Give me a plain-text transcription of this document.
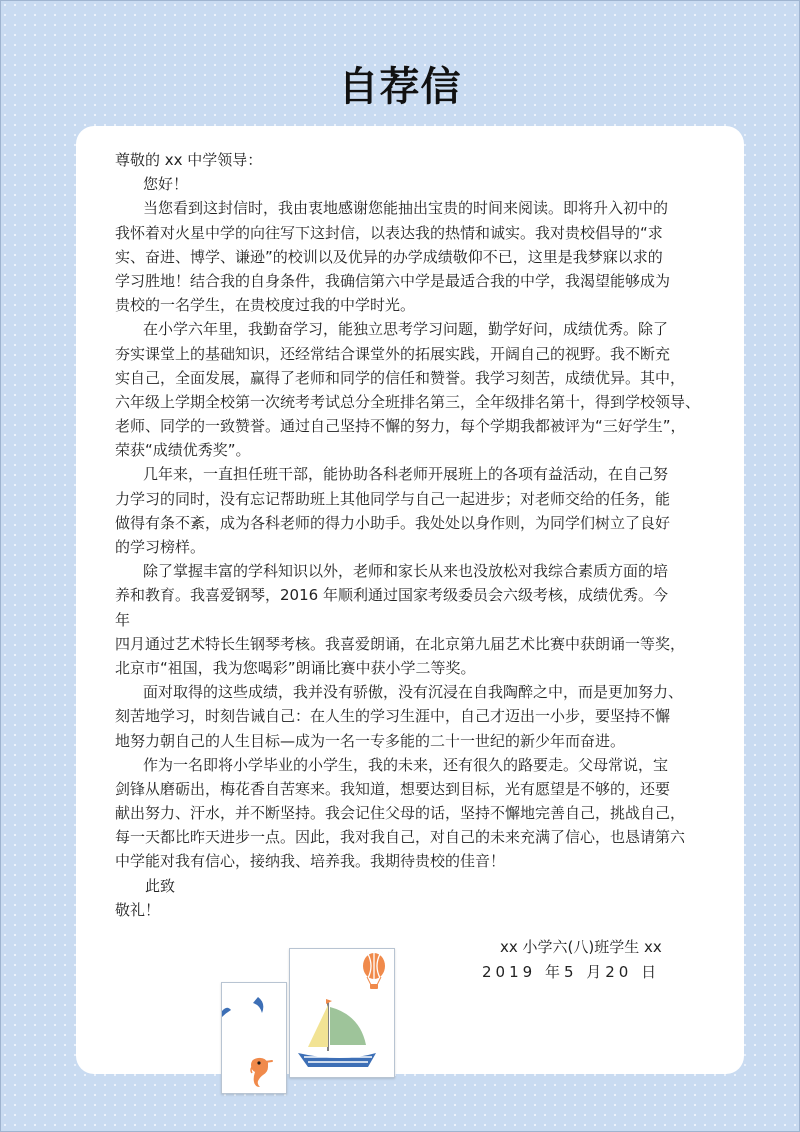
自荐信
尊敬的 xx 中学领导：
您好！
当您看到这封信时，我由衷地感谢您能抽出宝贵的时间来阅读。即将升入初中的
我怀着对火星中学的向往写下这封信，以表达我的热情和诚实。我对贵校倡导的“求
实、奋进、博学、谦逊”的校训以及优异的办学成绩敬仰不已，这里是我梦寐以求的
学习胜地！结合我的自身条件，我确信第六中学是最适合我的中学，我渴望能够成为
贵校的一名学生，在贵校度过我的中学时光。
在小学六年里，我勤奋学习，能独立思考学习问题，勤学好问，成绩优秀。除了
夯实课堂上的基础知识，还经常结合课堂外的拓展实践，开阔自己的视野。我不断充
实自己，全面发展，赢得了老师和同学的信任和赞誉。我学习刻苦，成绩优异。其中，
六年级上学期全校第一次统考考试总分全班排名第三，全年级排名第十，得到学校领导、
老师、同学的一致赞誉。通过自己坚持不懈的努力，每个学期我都被评为“三好学生”，
荣获“成绩优秀奖”。
几年来，一直担任班干部，能协助各科老师开展班上的各项有益活动，在自己努
力学习的同时，没有忘记帮助班上其他同学与自己一起进步；对老师交给的任务，能
做得有条不紊，成为各科老师的得力小助手。我处处以身作则，为同学们树立了良好
的学习榜样。
除了掌握丰富的学科知识以外，老师和家长从来也没放松对我综合素质方面的培
养和教育。我喜爱钢琴，2016 年顺利通过国家考级委员会六级考核，成绩优秀。今
年
四月通过艺术特长生钢琴考核。我喜爱朗诵，在北京第九届艺术比赛中获朗诵一等奖，
北京市“祖国，我为您喝彩”朗诵比赛中获小学二等奖。
面对取得的这些成绩，我并没有骄傲，没有沉浸在自我陶醉之中，而是更加努力、
刻苦地学习，时刻告诫自己：在人生的学习生涯中，自己才迈出一小步，要坚持不懈
地努力朝自己的人生目标—成为一名一专多能的二十一世纪的新少年而奋进。
作为一名即将小学毕业的小学生，我的未来，还有很久的路要走。父母常说，宝
剑锋从磨砺出，梅花香自苦寒来。我知道，想要达到目标，光有愿望是不够的，还要
献出努力、汗水，并不断坚持。我会记住父母的话，坚持不懈地完善自己，挑战自己，
每一天都比昨天进步一点。因此，我对我自己，对自己的未来充满了信心，也恳请第六
中学能对我有信心，接纳我、培养我。我期待贵校的佳音！
此致
敬礼！
xx 小学六(八)班学生 xx
2019 年5 月20 日
